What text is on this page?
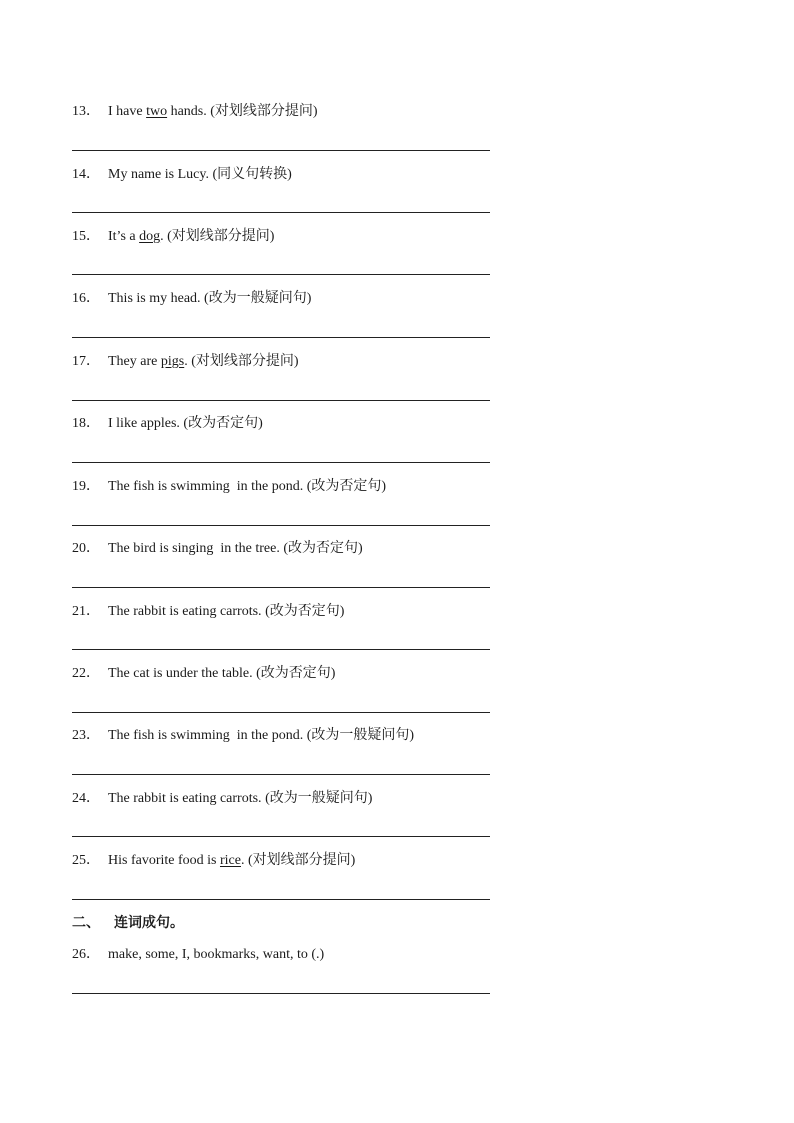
13． I have two hands. (对划线部分提问)
14． My name is Lucy. (同义句转换)
15． It’s a dog. (对划线部分提问)
16． This is my head. (改为一般疑问句)
17． They are pigs. (对划线部分提问)
18． I like apples. (改为否定句)
19． The fish is swimming  in the pond. (改为否定句)
20． The bird is singing  in the tree. (改为否定句)
21． The rabbit is eating carrots. (改为否定句)
22． The cat is under the table. (改为否定句)
23． The fish is swimming  in the pond. (改为一般疑问句)
24． The rabbit is eating carrots. (改为一般疑问句)
25． His favorite food is rice. (对划线部分提问)
二、 连词成句。
26． make, some, I, bookmarks, want, to (.)
